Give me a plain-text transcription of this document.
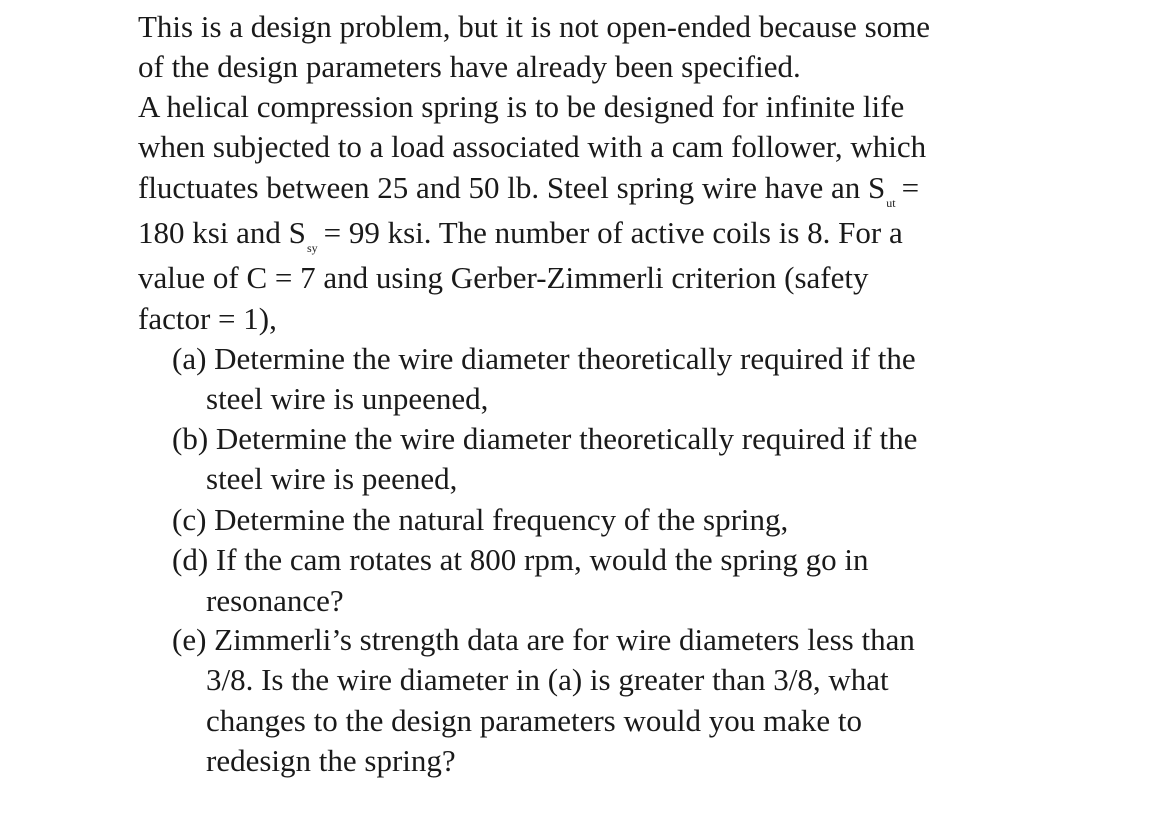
This is a design problem, but it is not open-ended because some
of the design parameters have already been specified.
A helical compression spring is to be designed for infinite life
when subjected to a load associated with a cam follower, which
fluctuates between 25 and 50 lb. Steel spring wire have an $S_{ut}$ =
180 ksi and $S_{sy} = 99$ ksi. The number of active coils is 8. For a
value of C = 7 and using Gerber-Zimmerli criterion (safety
factor = 1),
(a) Determine the wire diameter theoretically required if the
steel wire is unpeened,
(b) Determine the wire diameter theoretically required if the
steel wire is peened,
(c) Determine the natural frequency of the spring,
(d) If the cam rotates at 800 rpm, would the spring go in
resonance?
(e) Zimmerli’s strength data are for wire diameters less than
3/8. Is the wire diameter in (a) is greater than 3/8, what
changes to the design parameters would you make to
redesign the spring?
